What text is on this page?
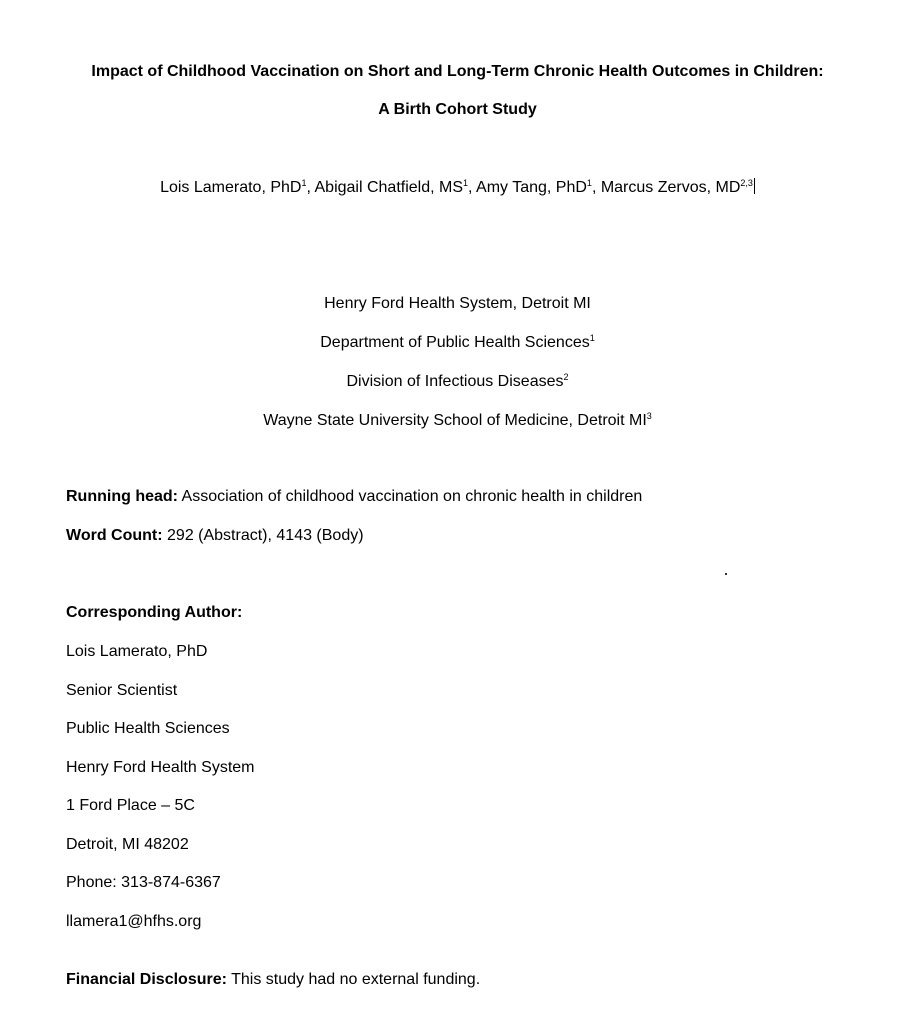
Impact of Childhood Vaccination on Short and Long-Term Chronic Health Outcomes in Children:
A Birth Cohort Study
Lois Lamerato, PhD$^1$, Abigail Chatfield, $MS^1$, Amy Tang, PhD$^1$, Marcus Zervos, MD$^{2,3}$
Henry Ford Health System, Detroit MI
Department of Public Health Sciences$^1$
Division of Infectious Diseases$^2$
Wayne State University School of Medicine, Detroit $MI^3$
Running head: Association of childhood vaccination on chronic health in children
Word Count: 292 (Abstract), 4143 (Body)
Corresponding Author:
Lois Lamerato, PhD
Senior Scientist
Public Health Sciences
Henry Ford Health System
1 Ford Place – 5C
Detroit, MI 48202
Phone: 313-874-6367
llamera1@hfhs.org
Financial Disclosure: This study had no external funding.
